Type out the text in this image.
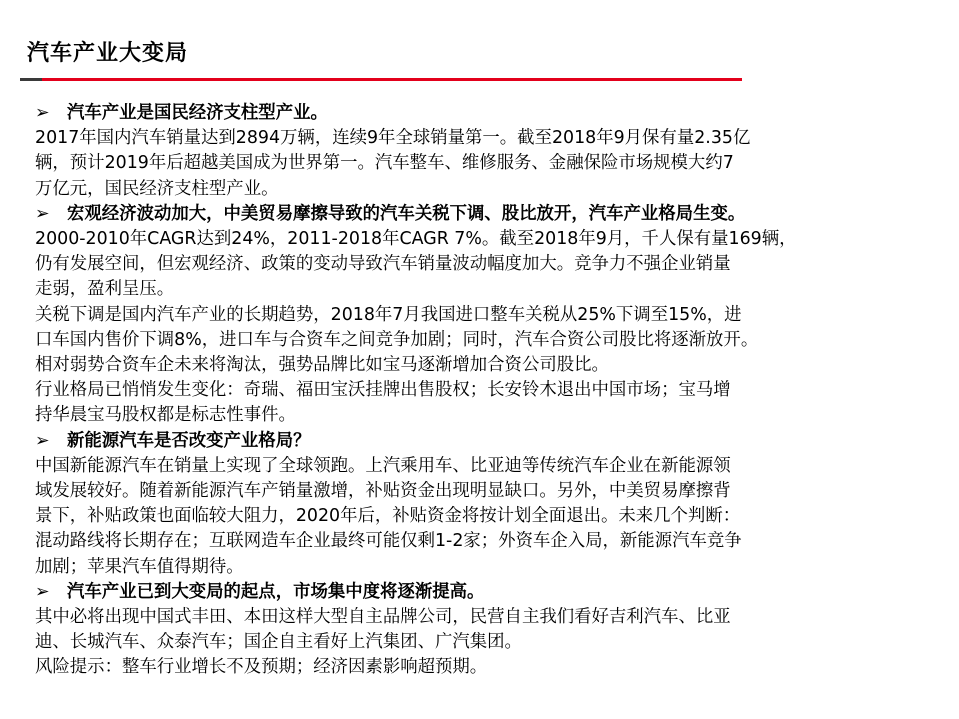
汽车产业大变局
➢ 汽车产业是国民经济支柱型产业。
2017年国内汽车销量达到2894万辆，连续9年全球销量第一。截至2018年9月保有量2.35亿
辆，预计2019年后超越美国成为世界第一。汽车整车、维修服务、金融保险市场规模大约7
万亿元，国民经济支柱型产业。
➢ 宏观经济波动加大，中美贸易摩擦导致的汽车关税下调、股比放开，汽车产业格局生变。
2000-2010年CAGR达到24%，2011-2018年CAGR 7%。截至2018年9月，千人保有量169辆，
仍有发展空间，但宏观经济、政策的变动导致汽车销量波动幅度加大。竞争力不强企业销量
走弱，盈利呈压。
关税下调是国内汽车产业的长期趋势，2018年7月我国进口整车关税从25%下调至15%，进
口车国内售价下调8%，进口车与合资车之间竞争加剧；同时，汽车合资公司股比将逐渐放开。
相对弱势合资车企未来将淘汰，强势品牌比如宝马逐渐增加合资公司股比。
行业格局已悄悄发生变化：奇瑞、福田宝沃挂牌出售股权；长安铃木退出中国市场；宝马增
持华晨宝马股权都是标志性事件。
➢ 新能源汽车是否改变产业格局？
中国新能源汽车在销量上实现了全球领跑。上汽乘用车、比亚迪等传统汽车企业在新能源领
域发展较好。随着新能源汽车产销量激增，补贴资金出现明显缺口。另外，中美贸易摩擦背
景下，补贴政策也面临较大阻力，2020年后，补贴资金将按计划全面退出。未来几个判断：
混动路线将长期存在；互联网造车企业最终可能仅剩1-2家；外资车企入局，新能源汽车竞争
加剧；苹果汽车值得期待。
➢ 汽车产业已到大变局的起点，市场集中度将逐渐提高。
其中必将出现中国式丰田、本田这样大型自主品牌公司，民营自主我们看好吉利汽车、比亚
迪、长城汽车、众泰汽车；国企自主看好上汽集团、广汽集团。
风险提示：整车行业增长不及预期；经济因素影响超预期。
